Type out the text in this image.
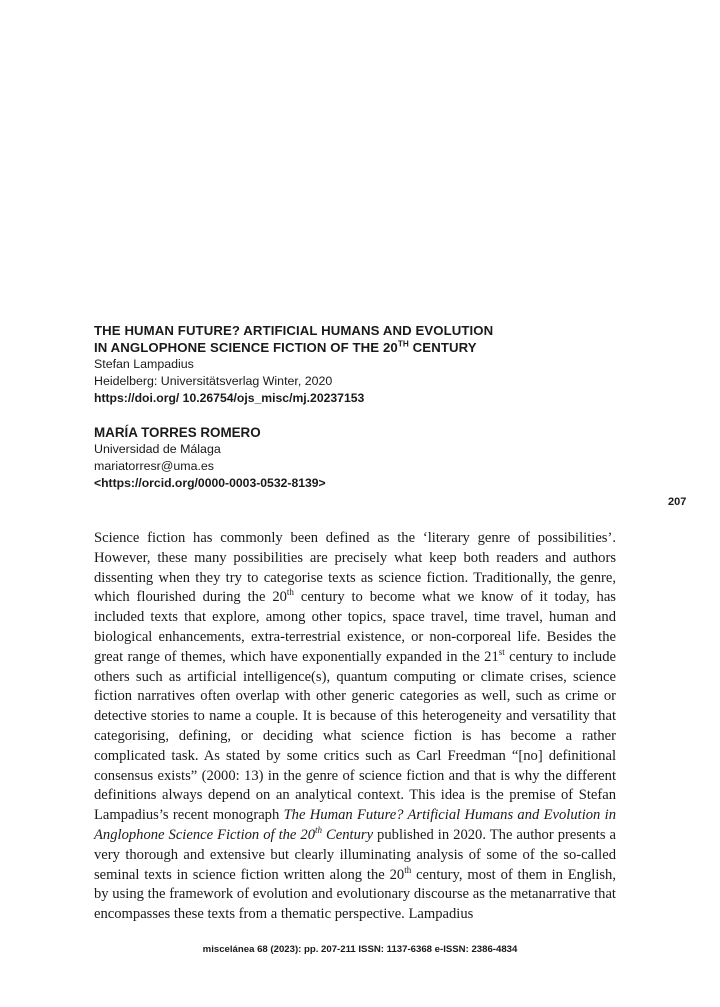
THE HUMAN FUTURE? ARTIFICIAL HUMANS AND EVOLUTION
IN ANGLOPHONE SCIENCE FICTION OF THE 20TH CENTURY

Stefan Lampadius

Heidelberg: Universitätsverlag Winter, 2020

https://doi.org/ 10.26754/ojs_misc/mj.20237153

MARÍA TORRES ROMERO

Universidad de Málaga

mariatorresr@uma.es

<https://orcid.org/0000-0003-0532-8139>

207

Science fiction has commonly been defined as the ‘literary genre of possibilities’. However, these many possibilities are precisely what keep both readers and authors dissenting when they try to categorise texts as science fiction. Traditionally, the genre, which flourished during the 20th century to become what we know of it today, has included texts that explore, among other topics, space travel, time travel, human and biological enhancements, extra-terrestrial existence, or non-corporeal life. Besides the great range of themes, which have exponentially expanded in the 21st century to include others such as artificial intelligence(s), quantum computing or climate crises, science fiction narratives often overlap with other generic categories as well, such as crime or detective stories to name a couple. It is because of this heterogeneity and versatility that categorising, defining, or deciding what science fiction is has become a rather complicated task. As stated by some critics such as Carl Freedman “[no] definitional consensus exists” (2000: 13) in the genre of science fiction and that is why the different definitions always depend on an analytical context. This idea is the premise of Stefan Lampadius’s recent monograph The Human Future? Artificial Humans and Evolution in Anglophone Science Fiction of the 20th Century published in 2020. The author presents a very thorough and extensive but clearly illuminating analysis of some of the so-called seminal texts in science fiction written along the 20th century, most of them in English, by using the framework of evolution and evolutionary discourse as the metanarrative that encompasses these texts from a thematic perspective. Lampadius

miscelánea 68 (2023): pp. 207-211 ISSN: 1137-6368 e-ISSN: 2386-4834
